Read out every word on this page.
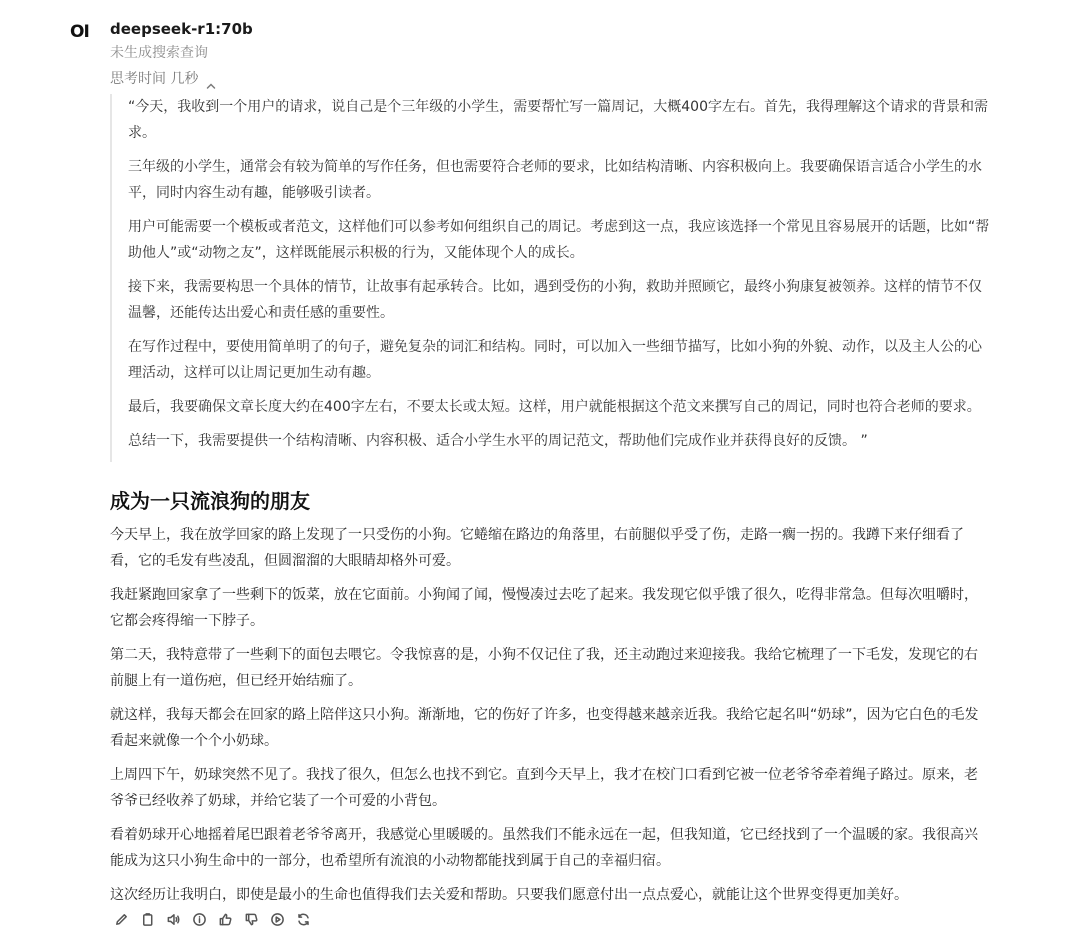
OI deepseek-r1:70b
未生成搜索查询
思考时间 几秒

“今天，我收到一个用户的请求，说自己是个三年级的小学生，需要帮忙写一篇周记，大概400字左右。首先，我得理解这个请求的背景和需求。

三年级的小学生，通常会有较为简单的写作任务，但也需要符合老师的要求，比如结构清晰、内容积极向上。我要确保语言适合小学生的水平，同时内容生动有趣，能够吸引读者。

用户可能需要一个模板或者范文，这样他们可以参考如何组织自己的周记。考虑到这一点，我应该选择一个常见且容易展开的话题，比如“帮助他人”或“动物之友”，这样既能展示积极的行为，又能体现个人的成长。

接下来，我需要构思一个具体的情节，让故事有起承转合。比如，遇到受伤的小狗，救助并照顾它，最终小狗康复被领养。这样的情节不仅温馨，还能传达出爱心和责任感的重要性。

在写作过程中，要使用简单明了的句子，避免复杂的词汇和结构。同时，可以加入一些细节描写，比如小狗的外貌、动作，以及主人公的心理活动，这样可以让周记更加生动有趣。

最后，我要确保文章长度大约在400字左右，不要太长或太短。这样，用户就能根据这个范文来撰写自己的周记，同时也符合老师的要求。

总结一下，我需要提供一个结构清晰、内容积极、适合小学生水平的周记范文，帮助他们完成作业并获得良好的反馈。 ”

成为一只流浪狗的朋友

今天早上，我在放学回家的路上发现了一只受伤的小狗。它蜷缩在路边的角落里，右前腿似乎受了伤，走路一瘸一拐的。我蹲下来仔细看了看，它的毛发有些凌乱，但圆溜溜的大眼睛却格外可爱。

我赶紧跑回家拿了一些剩下的饭菜，放在它面前。小狗闻了闻，慢慢凑过去吃了起来。我发现它似乎饿了很久，吃得非常急。但每次咀嚼时，它都会疼得缩一下脖子。

第二天，我特意带了一些剩下的面包去喂它。令我惊喜的是，小狗不仅记住了我，还主动跑过来迎接我。我给它梳理了一下毛发，发现它的右前腿上有一道伤疤，但已经开始结痂了。

就这样，我每天都会在回家的路上陪伴这只小狗。渐渐地，它的伤好了许多，也变得越来越亲近我。我给它起名叫“奶球”，因为它白色的毛发看起来就像一个个小奶球。

上周四下午，奶球突然不见了。我找了很久，但怎么也找不到它。直到今天早上，我才在校门口看到它被一位老爷爷牵着绳子路过。原来，老爷爷已经收养了奶球，并给它装了一个可爱的小背包。

看着奶球开心地摇着尾巴跟着老爷爷离开，我感觉心里暖暖的。虽然我们不能永远在一起，但我知道，它已经找到了一个温暖的家。我很高兴能成为这只小狗生命中的一部分，也希望所有流浪的小动物都能找到属于自己的幸福归宿。

这次经历让我明白，即使是最小的生命也值得我们去关爱和帮助。只要我们愿意付出一点点爱心，就能让这个世界变得更加美好。
